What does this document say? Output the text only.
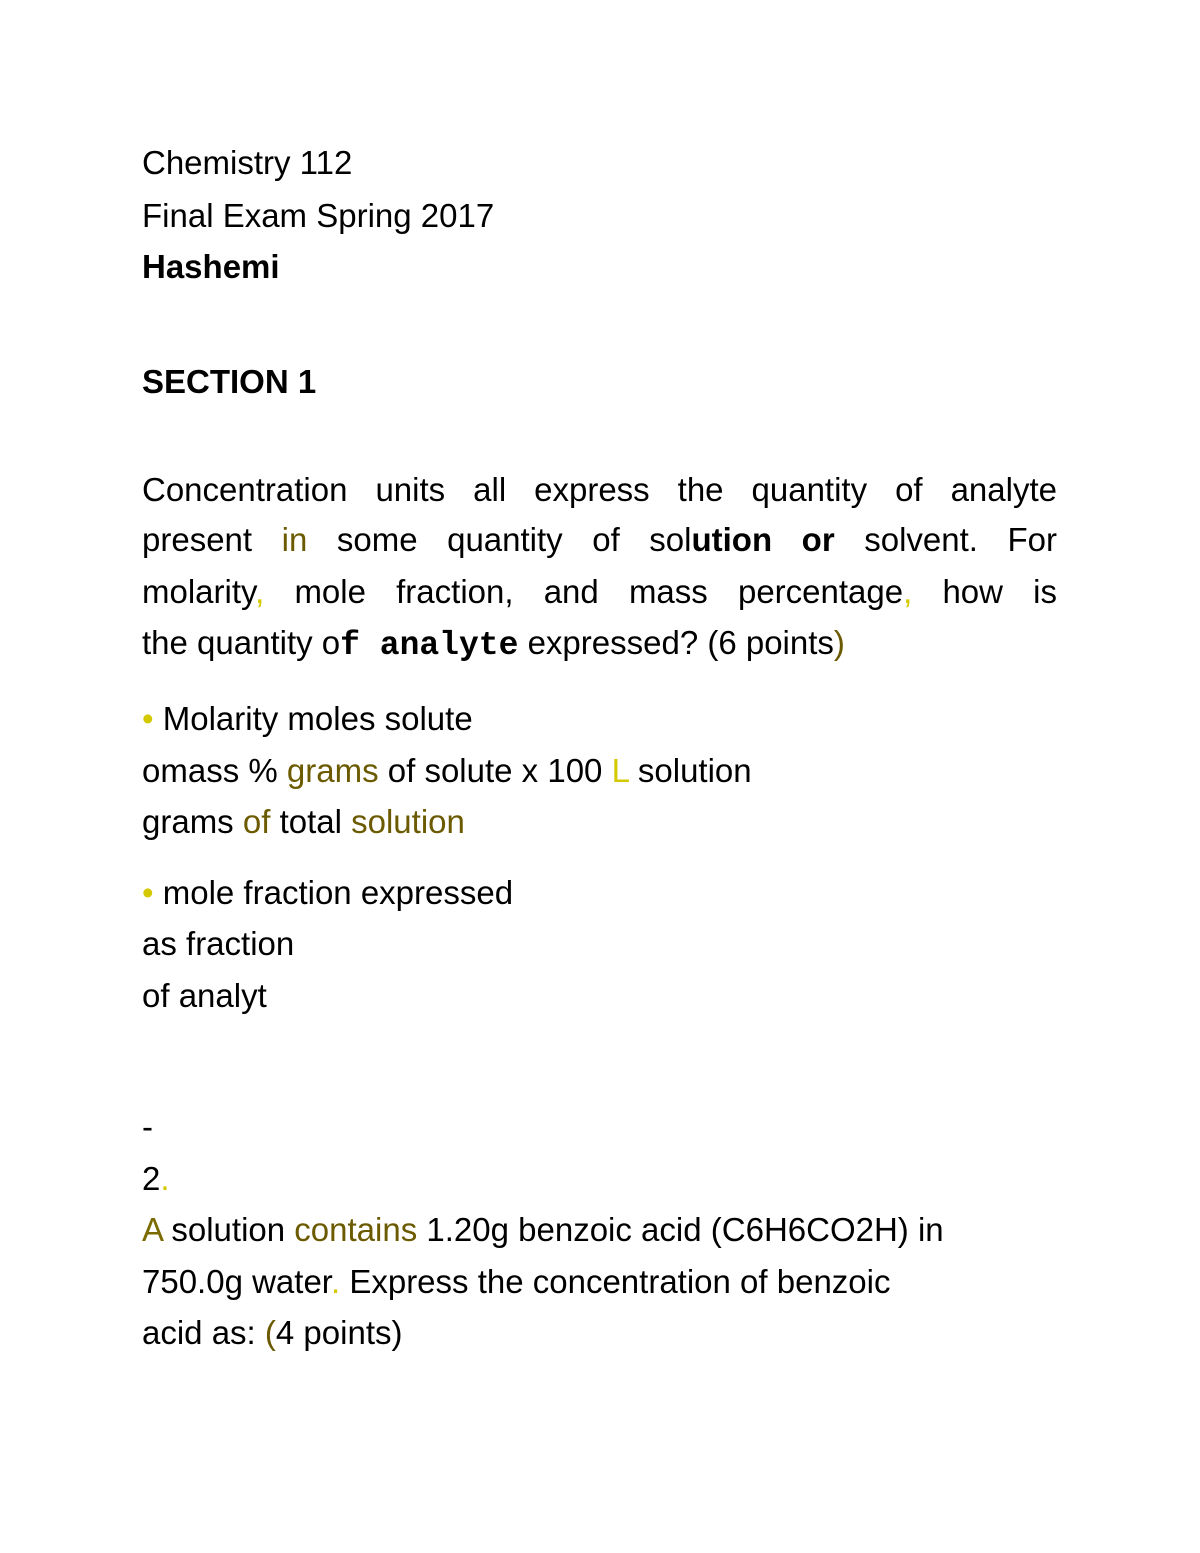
Chemistry 112
Final Exam Spring 2017
Hashemi
SECTION 1
Concentration units all express the quantity of analyte
present in some quantity of solution or solvent. For
molarity, mole fraction, and mass percentage, how is
the quantity of analyte expressed? (6 points)
• Molarity moles solute
omass % grams of solute x 100 L solution
grams of total solution
• mole fraction expressed
as fraction
of analyt
-
2.
A solution contains 1.20g benzoic acid (C6H6CO2H) in
750.0g water. Express the concentration of benzoic
acid as: (4 points)
